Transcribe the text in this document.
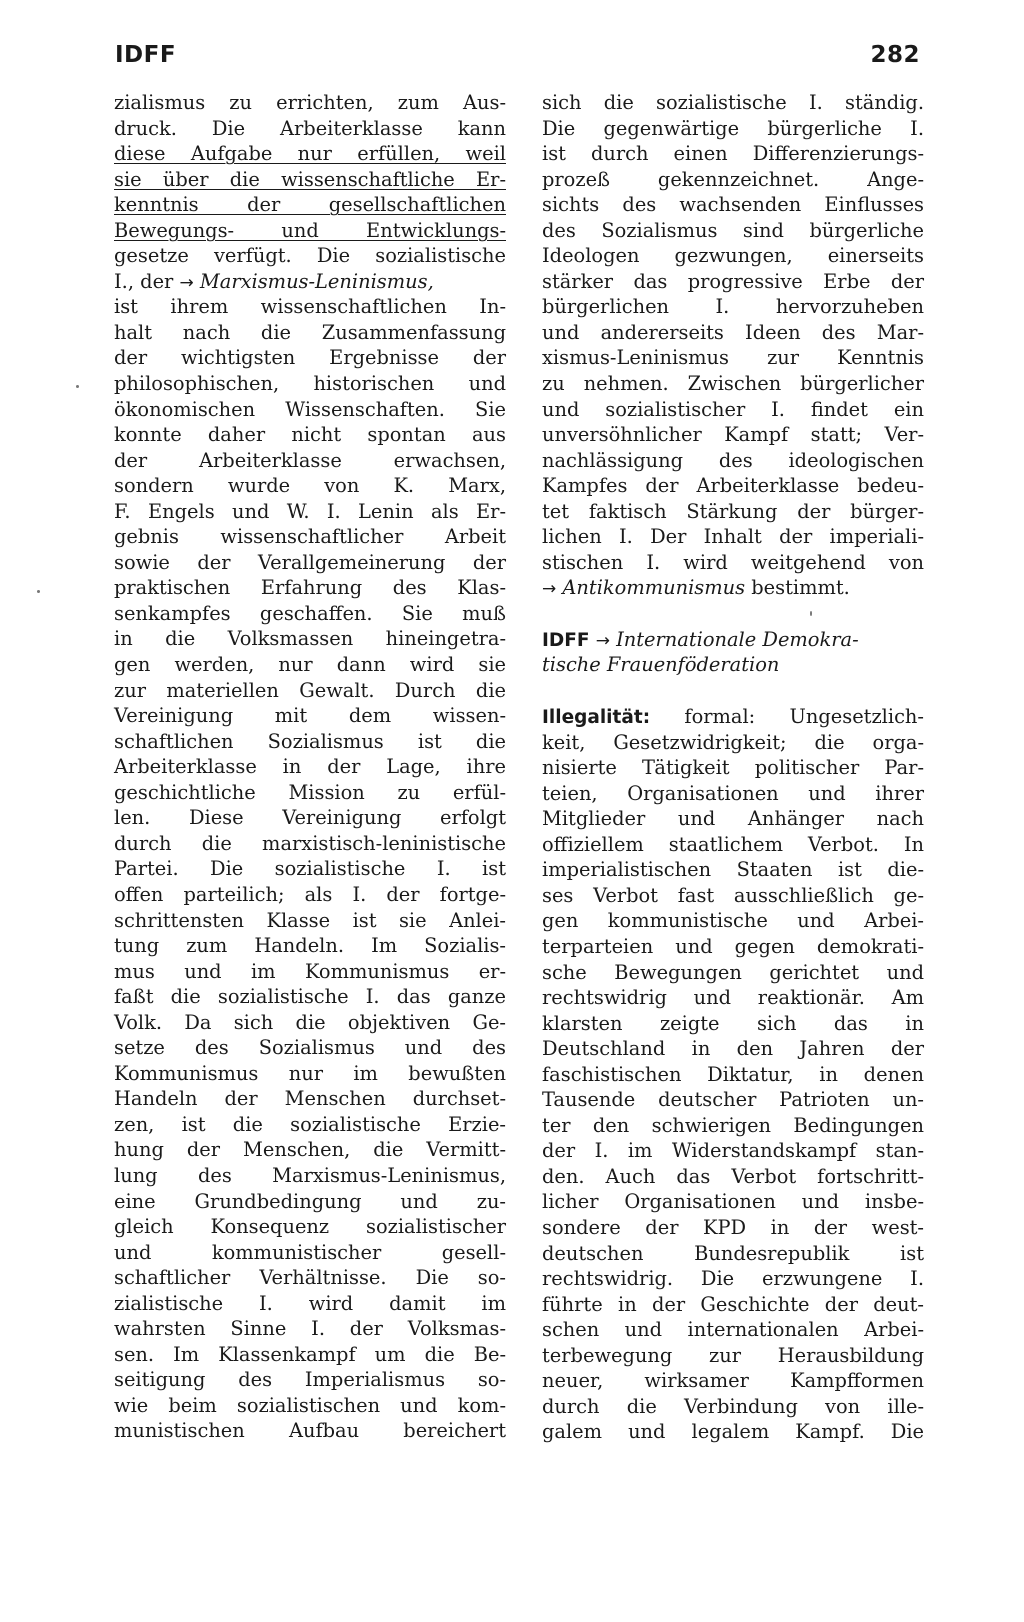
IDFF	282
zialismus zu errichten, zum Aus-
druck. Die Arbeiterklasse kann
diese Aufgabe nur erfüllen, weil
sie über die wissenschaftliche Er-
kenntnis der gesellschaftlichen
Bewegungs- und Entwicklungs-
gesetze verfügt. Die sozialistische
I., der → Marxismus-Leninismus,
ist ihrem wissenschaftlichen In-
halt nach die Zusammenfassung
der wichtigsten Ergebnisse der
philosophischen, historischen und
ökonomischen Wissenschaften. Sie
konnte daher nicht spontan aus
der Arbeiterklasse erwachsen,
sondern wurde von K. Marx,
F. Engels und W. I. Lenin als Er-
gebnis wissenschaftlicher Arbeit
sowie der Verallgemeinerung der
praktischen Erfahrung des Klas-
senkampfes geschaffen. Sie muß
in die Volksmassen hineingetra-
gen werden, nur dann wird sie
zur materiellen Gewalt. Durch die
Vereinigung mit dem wissen-
schaftlichen Sozialismus ist die
Arbeiterklasse in der Lage, ihre
geschichtliche Mission zu erfül-
len. Diese Vereinigung erfolgt
durch die marxistisch-leninistische
Partei. Die sozialistische I. ist
offen parteilich; als I. der fortge-
schrittensten Klasse ist sie Anlei-
tung zum Handeln. Im Sozialis-
mus und im Kommunismus er-
faßt die sozialistische I. das ganze
Volk. Da sich die objektiven Ge-
setze des Sozialismus und des
Kommunismus nur im bewußten
Handeln der Menschen durchset-
zen, ist die sozialistische Erzie-
hung der Menschen, die Vermitt-
lung des Marxismus-Leninismus,
eine Grundbedingung und zu-
gleich Konsequenz sozialistischer
und kommunistischer gesell-
schaftlicher Verhältnisse. Die so-
zialistische I. wird damit im
wahrsten Sinne I. der Volksmas-
sen. Im Klassenkampf um die Be-
seitigung des Imperialismus so-
wie beim sozialistischen und kom-
munistischen Aufbau bereichert
sich die sozialistische I. ständig.
Die gegenwärtige bürgerliche I.
ist durch einen Differenzierungs-
prozeß gekennzeichnet. Ange-
sichts des wachsenden Einflusses
des Sozialismus sind bürgerliche
Ideologen gezwungen, einerseits
stärker das progressive Erbe der
bürgerlichen I. hervorzuheben
und andererseits Ideen des Mar-
xismus-Leninismus zur Kenntnis
zu nehmen. Zwischen bürgerlicher
und sozialistischer I. findet ein
unversöhnlicher Kampf statt; Ver-
nachlässigung des ideologischen
Kampfes der Arbeiterklasse bedeu-
tet faktisch Stärkung der bürger-
lichen I. Der Inhalt der imperiali-
stischen I. wird weitgehend von
→ Antikommunismus bestimmt.
IDFF → Internationale Demokra-
tische Frauenföderation
Illegalität: formal: Ungesetzlich-
keit, Gesetzwidrigkeit; die orga-
nisierte Tätigkeit politischer Par-
teien, Organisationen und ihrer
Mitglieder und Anhänger nach
offiziellem staatlichem Verbot. In
imperialistischen Staaten ist die-
ses Verbot fast ausschließlich ge-
gen kommunistische und Arbei-
terparteien und gegen demokrati-
sche Bewegungen gerichtet und
rechtswidrig und reaktionär. Am
klarsten zeigte sich das in
Deutschland in den Jahren der
faschistischen Diktatur, in denen
Tausende deutscher Patrioten un-
ter den schwierigen Bedingungen
der I. im Widerstandskampf stan-
den. Auch das Verbot fortschritt-
licher Organisationen und insbe-
sondere der KPD in der west-
deutschen Bundesrepublik ist
rechtswidrig. Die erzwungene I.
führte in der Geschichte der deut-
schen und internationalen Arbei-
terbewegung zur Herausbildung
neuer, wirksamer Kampfformen
durch die Verbindung von ille-
galem und legalem Kampf. Die
